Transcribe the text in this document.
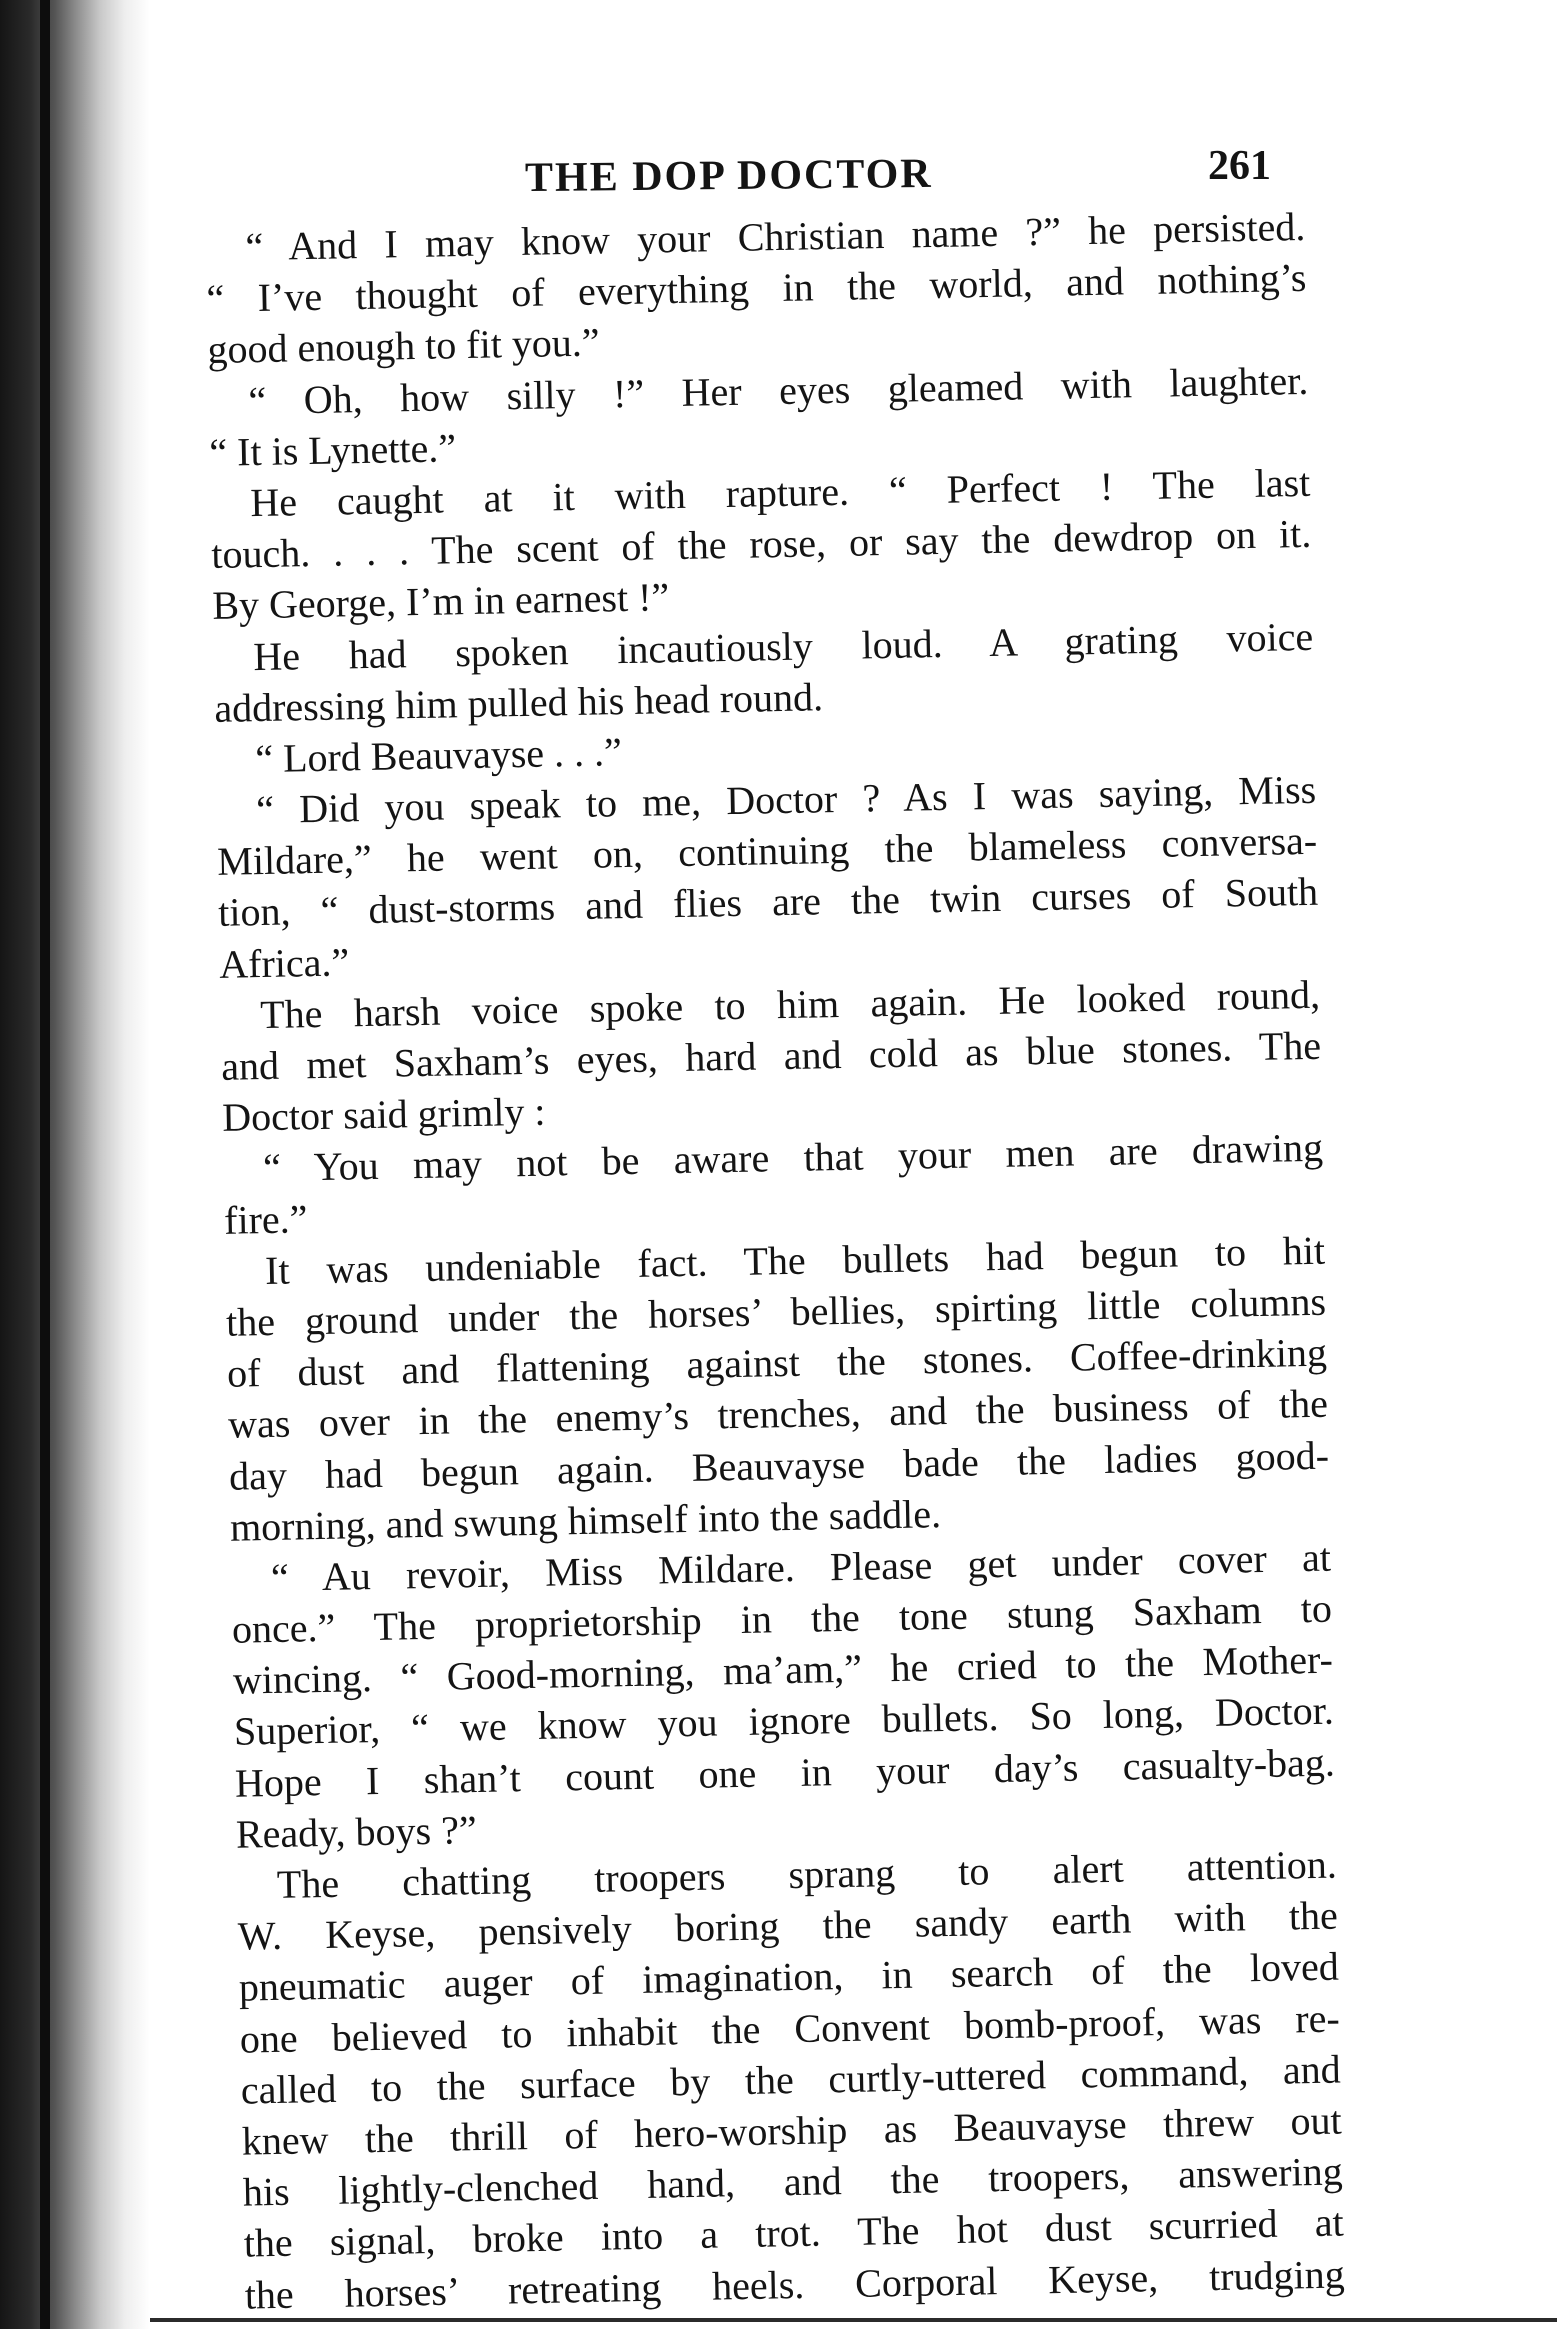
THE DOP DOCTOR	261
“ And I may know your Christian name ?” he persisted.
“ I’ve thought of everything in the world, and nothing’s
good enough to fit you.”
“ Oh, how silly !” Her eyes gleamed with laughter.
“ It is Lynette.”
He caught at it with rapture. “ Perfect ! The last
touch. . . . The scent of the rose, or say the dewdrop on it.
By George, I’m in earnest !”
He had spoken incautiously loud. A grating voice
addressing him pulled his head round.
“ Lord Beauvayse . . .”
“ Did you speak to me, Doctor ? As I was saying, Miss
Mildare,” he went on, continuing the blameless conversa-
tion, “ dust-storms and flies are the twin curses of South
Africa.”
The harsh voice spoke to him again. He looked round,
and met Saxham’s eyes, hard and cold as blue stones. The
Doctor said grimly :
“ You may not be aware that your men are drawing
fire.”
It was undeniable fact. The bullets had begun to hit
the ground under the horses’ bellies, spirting little columns
of dust and flattening against the stones. Coffee-drinking
was over in the enemy’s trenches, and the business of the
day had begun again. Beauvayse bade the ladies good-
morning, and swung himself into the saddle.
“ Au revoir, Miss Mildare. Please get under cover at
once.” The proprietorship in the tone stung Saxham to
wincing. “ Good-morning, ma’am,” he cried to the Mother-
Superior, “ we know you ignore bullets. So long, Doctor.
Hope I shan’t count one in your day’s casualty-bag.
Ready, boys ?”
The chatting troopers sprang to alert attention.
W. Keyse, pensively boring the sandy earth with the
pneumatic auger of imagination, in search of the loved
one believed to inhabit the Convent bomb-proof, was re-
called to the surface by the curtly-uttered command, and
knew the thrill of hero-worship as Beauvayse threw out
his lightly-clenched hand, and the troopers, answering
the signal, broke into a trot. The hot dust scurried at
the horses’ retreating heels. Corporal Keyse, trudging
